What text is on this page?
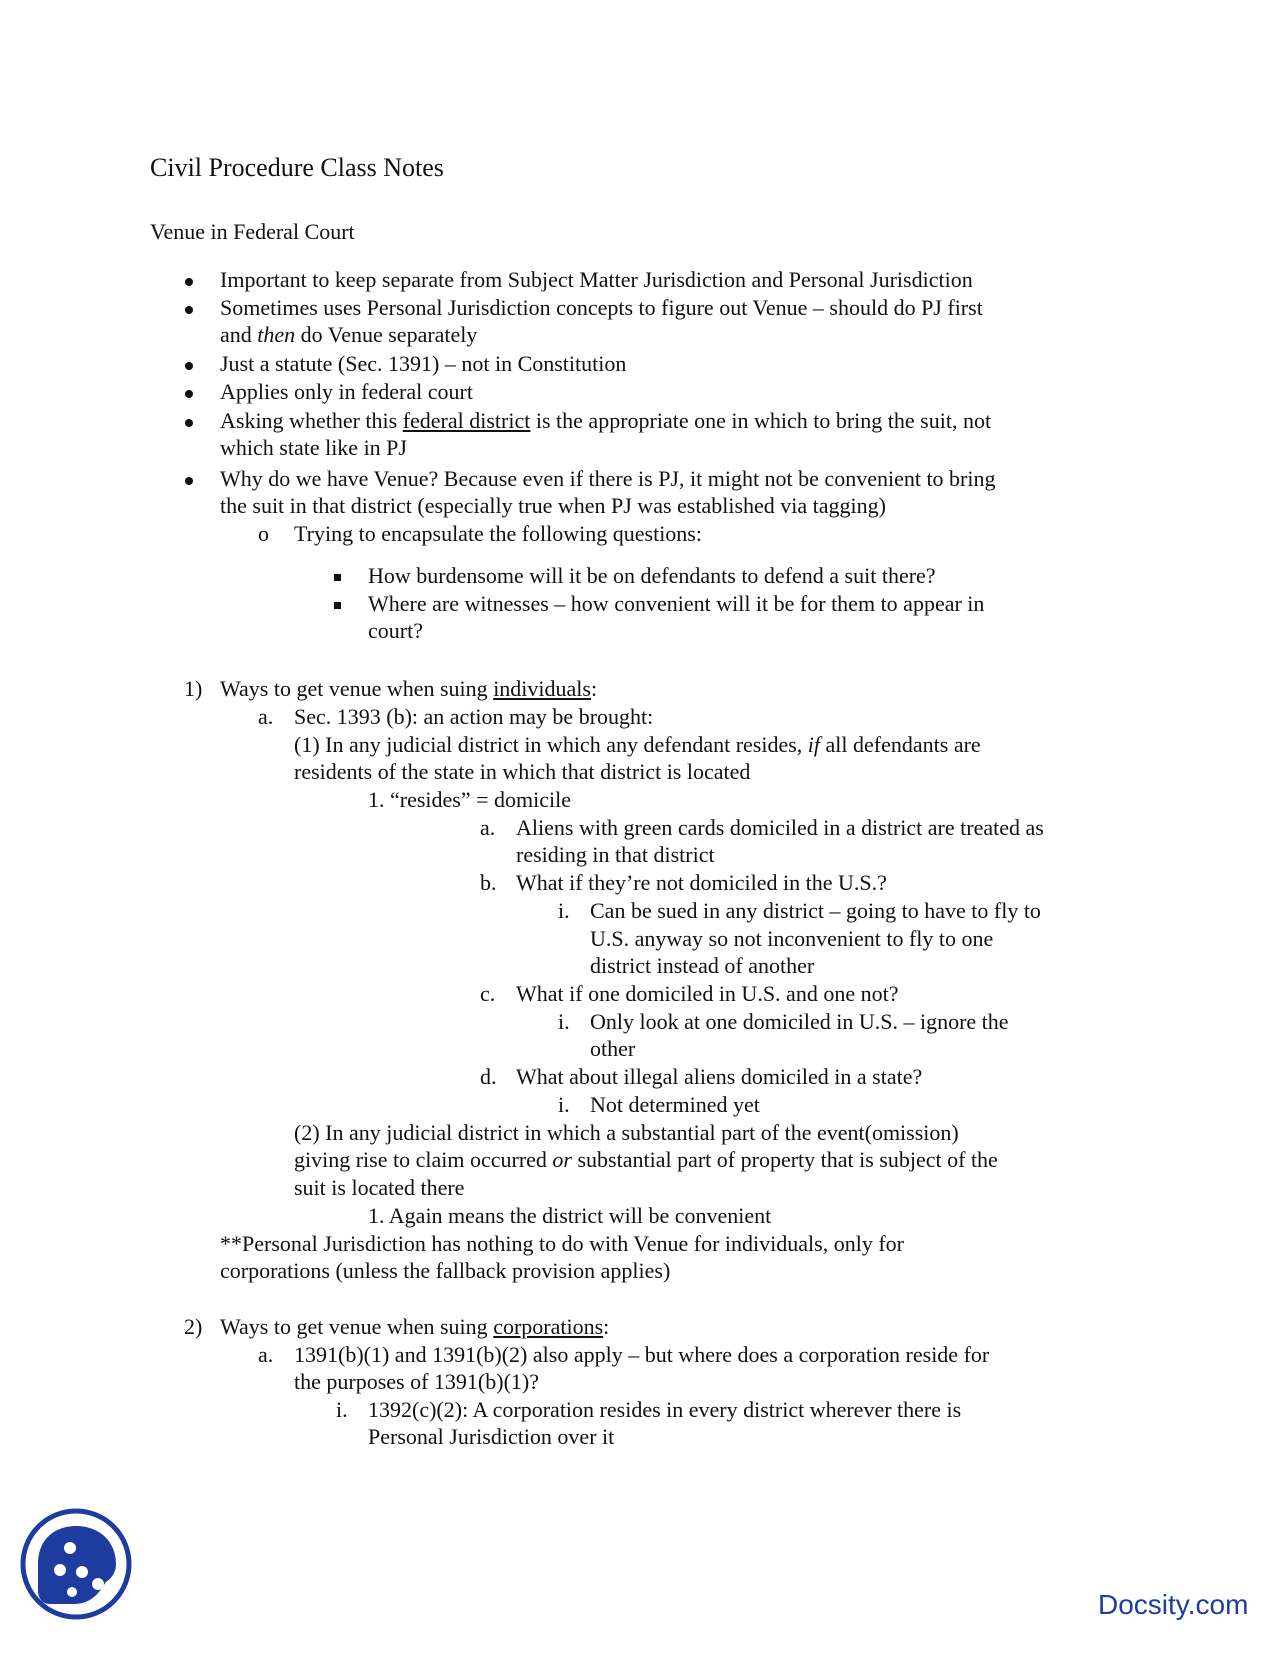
Civil Procedure Class Notes
Venue in Federal Court
Important to keep separate from Subject Matter Jurisdiction and Personal Jurisdiction
Sometimes uses Personal Jurisdiction concepts to figure out Venue – should do PJ first
and then do Venue separately
Just a statute (Sec. 1391) – not in Constitution
Applies only in federal court
Asking whether this federal district is the appropriate one in which to bring the suit, not
which state like in PJ
Why do we have Venue? Because even if there is PJ, it might not be convenient to bring
the suit in that district (especially true when PJ was established via tagging)
o Trying to encapsulate the following questions:
How burdensome will it be on defendants to defend a suit there?
Where are witnesses – how convenient will it be for them to appear in
court?
1) Ways to get venue when suing individuals:
a. Sec. 1393 (b): an action may be brought:
(1) In any judicial district in which any defendant resides, if all defendants are
residents of the state in which that district is located
1. “resides” = domicile
a. Aliens with green cards domiciled in a district are treated as
residing in that district
b. What if they’re not domiciled in the U.S.?
i. Can be sued in any district – going to have to fly to
U.S. anyway so not inconvenient to fly to one
district instead of another
c. What if one domiciled in U.S. and one not?
i. Only look at one domiciled in U.S. – ignore the
other
d. What about illegal aliens domiciled in a state?
i. Not determined yet
(2) In any judicial district in which a substantial part of the event(omission)
giving rise to claim occurred or substantial part of property that is subject of the
suit is located there
1. Again means the district will be convenient
**Personal Jurisdiction has nothing to do with Venue for individuals, only for
corporations (unless the fallback provision applies)
2) Ways to get venue when suing corporations:
a. 1391(b)(1) and 1391(b)(2) also apply – but where does a corporation reside for
the purposes of 1391(b)(1)?
i. 1392(c)(2): A corporation resides in every district wherever there is
Personal Jurisdiction over it
Docsity.com
